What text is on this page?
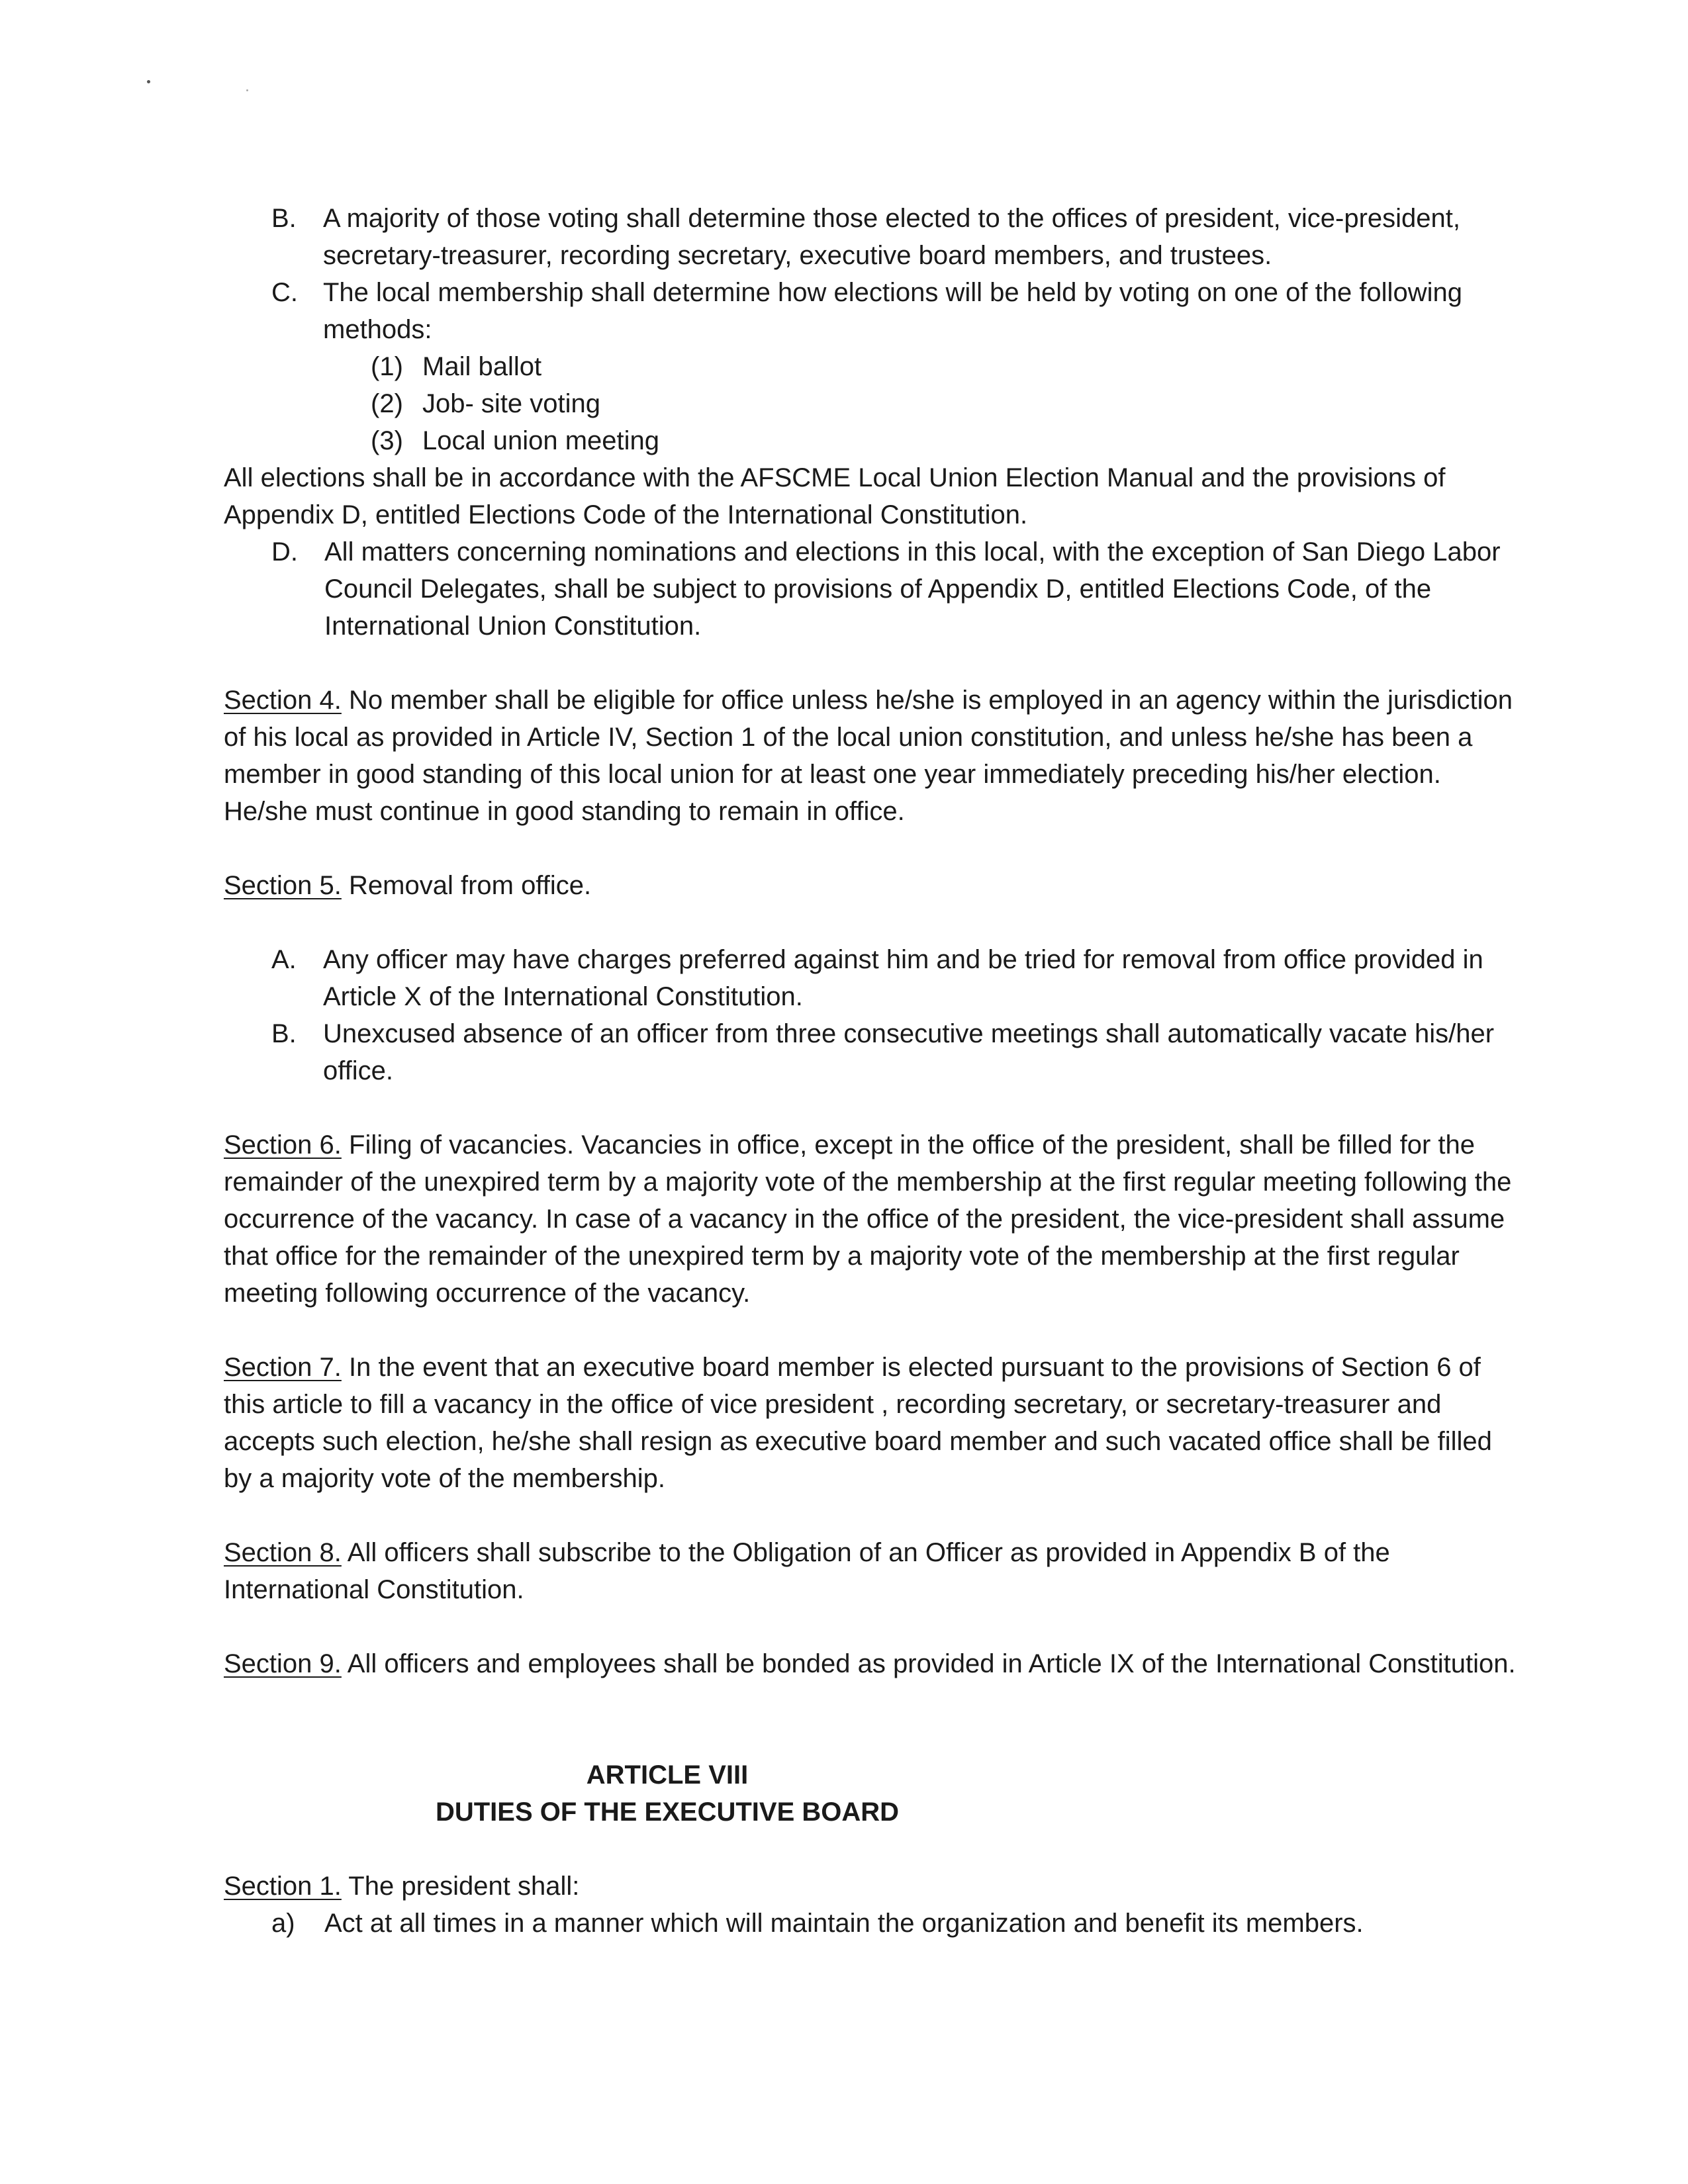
B. A majority of those voting shall determine those elected to the offices of president, vice-president, secretary-treasurer, recording secretary, executive board members, and trustees.
C. The local membership shall determine how elections will be held by voting on one of the following methods:
(1) Mail ballot
(2) Job- site voting
(3) Local union meeting

All elections shall be in accordance with the AFSCME Local Union Election Manual and the provisions of Appendix D, entitled Elections Code of the International Constitution.

D. All matters concerning nominations and elections in this local, with the exception of San Diego Labor Council Delegates, shall be subject to provisions of Appendix D, entitled Elections Code, of the International Union Constitution.

Section 4. No member shall be eligible for office unless he/she is employed in an agency within the jurisdiction of his local as provided in Article IV, Section 1 of the local union constitution, and unless he/she has been a member in good standing of this local union for at least one year immediately preceding his/her election. He/she must continue in good standing to remain in office.

Section 5. Removal from office.

A. Any officer may have charges preferred against him and be tried for removal from office provided in Article X of the International Constitution.
B. Unexcused absence of an officer from three consecutive meetings shall automatically vacate his/her office.

Section 6. Filing of vacancies. Vacancies in office, except in the office of the president, shall be filled for the remainder of the unexpired term by a majority vote of the membership at the first regular meeting following the occurrence of the vacancy. In case of a vacancy in the office of the president, the vice-president shall assume that office for the remainder of the unexpired term by a majority vote of the membership at the first regular meeting following occurrence of the vacancy.

Section 7. In the event that an executive board member is elected pursuant to the provisions of Section 6 of this article to fill a vacancy in the office of vice president , recording secretary, or secretary-treasurer and accepts such election, he/she shall resign as executive board member and such vacated office shall be filled by a majority vote of the membership.

Section 8. All officers shall subscribe to the Obligation of an Officer as provided in Appendix B of the International Constitution.

Section 9. All officers and employees shall be bonded as provided in Article IX of the International Constitution.

ARTICLE VIII
DUTIES OF THE EXECUTIVE BOARD

Section 1. The president shall:

a) Act at all times in a manner which will maintain the organization and benefit its members.
